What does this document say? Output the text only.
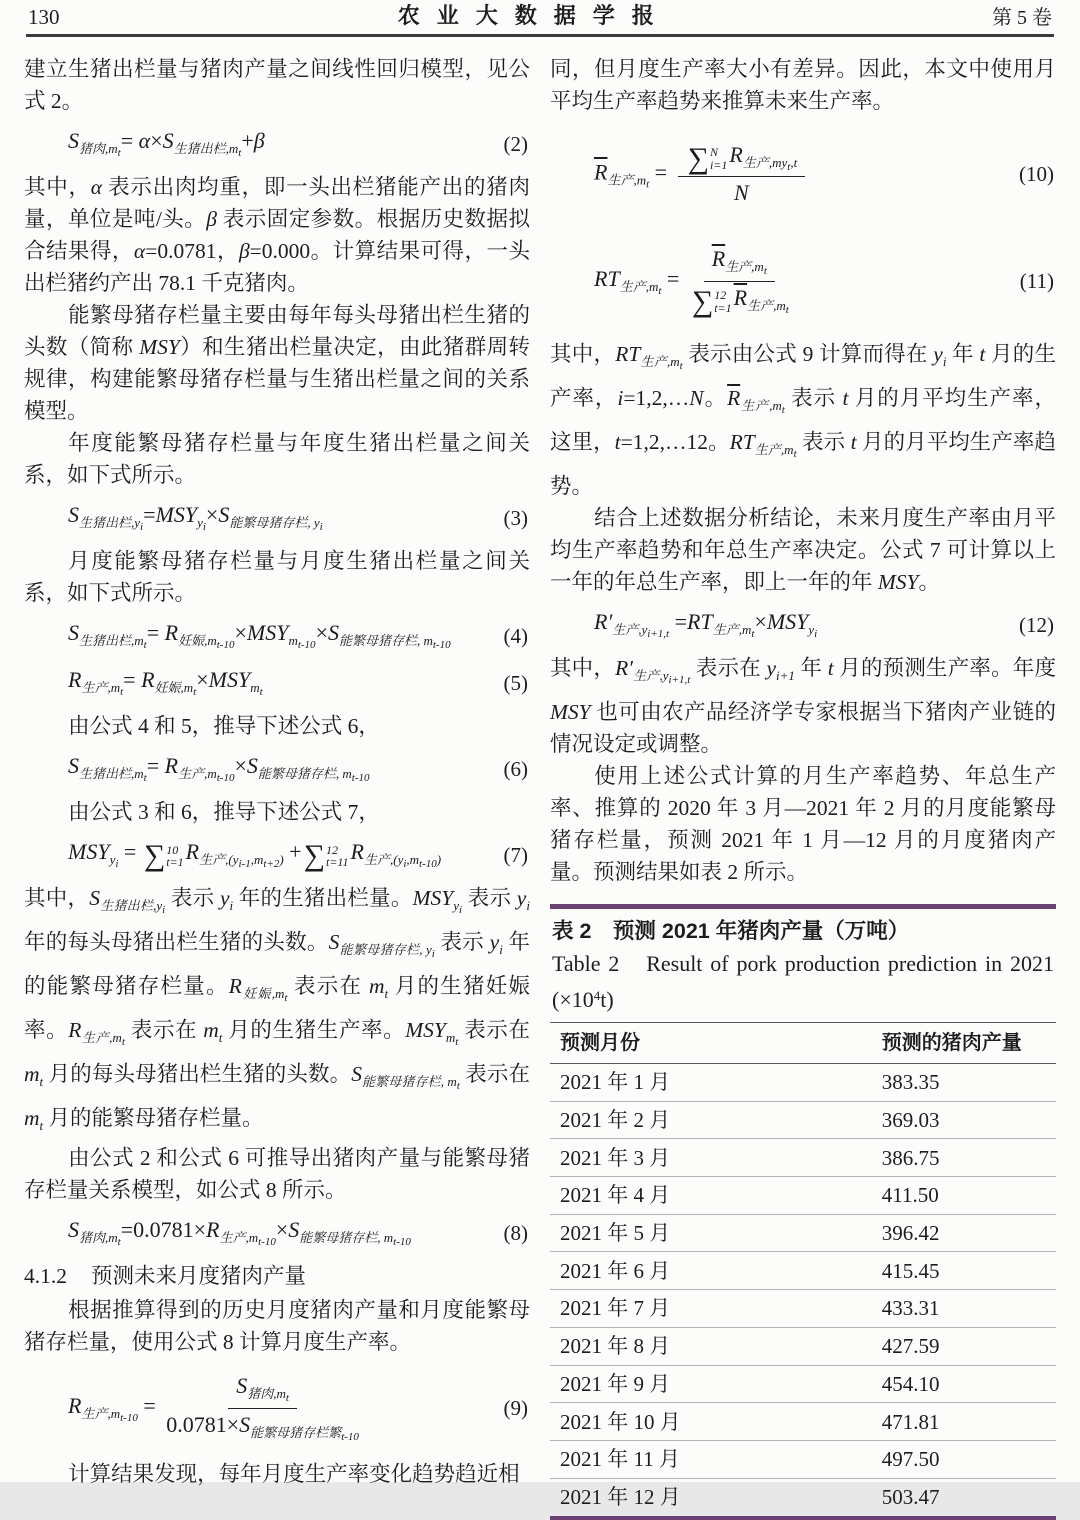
130	农业大数据学报	第 5 卷

建立生猪出栏量与猪肉产量之间线性回归模型，见公式 2。

$S_{猪肉,mt}= \alpha\times S_{生猪出栏,mt}+\beta$	(2)

其中，α 表示出肉均重，即一头出栏猪能产出的猪肉量，单位是吨/头。β 表示固定参数。根据历史数据拟合结果得，α=0.0781，β=0.000。计算结果可得，一头出栏猪约产出 78.1 千克猪肉。

能繁母猪存栏量主要由每年每头母猪出栏生猪的头数（简称 MSY）和生猪出栏量决定，由此猪群周转规律，构建能繁母猪存栏量与生猪出栏量之间的关系模型。

年度能繁母猪存栏量与年度生猪出栏量之间关系，如下式所示。

$S_{生猪出栏,yi}=MSY_{yi}\times S_{能繁母猪存栏, yi}$	(3)

月度能繁母猪存栏量与月度生猪出栏量之间关系，如下式所示。

$S_{生猪出栏,mt}= R_{妊娠,mt-10}\times MSY_{mt-10}\times S_{能繁母猪存栏, mt-10}$	(4)
$R_{生产,mt}= R_{妊娠,mt}\times MSY_{mt}$	(5)

由公式 4 和 5，推导下述公式 6，

$S_{生猪出栏,mt}= R_{生产,mt-10}\times S_{能繁母猪存栏, mt-10}$	(6)

由公式 3 和 6，推导下述公式 7，

$MSY_{yi}$ = ∑ 10
t=1 $R_{生产,(yi-1,mt+2)}$ + ∑ 12
t=11 $R_{生产,(yi,mt-10)}$	(7)

其中，$S_{生猪出栏,yi}$ 表示 $y_i$ 年的生猪出栏量。$MSY_{yi}$ 表示 $y_i$ 年的每头母猪出栏生猪的头数。$S_{能繁母猪存栏, yi}$ 表示 $y_i$ 年的能繁母猪存栏量。$R_{妊娠,mt}$ 表示在 $m_t$ 月的生猪妊娠率。$R_{生产,mt}$ 表示在 $m_t$ 月的生猪生产率。$MSY_{mt}$ 表示在 $m_t$ 月的每头母猪出栏生猪的头数。$S_{能繁母猪存栏, mt}$ 表示在 $m_t$ 月的能繁母猪存栏量。

由公式 2 和公式 6 可推导出猪肉产量与能繁母猪存栏量关系模型，如公式 8 所示。

$S_{猪肉,mt}=0.0781\times R_{生产,mt-10}\times S_{能繁母猪存栏, mt-10}$	(8)

4.1.2 预测未来月度猪肉产量

根据推算得到的历史月度猪肉产量和月度能繁母猪存栏量，使用公式 8 计算月度生产率。

$R_{生产,mt-10}$ =
$S_{猪肉,mt}$
$0.0781\times S_{能繁母猪存栏繁t-10}$
(9)

计算结果发现，每年月度生产率变化趋势趋近相

同，但月度生产率大小有差异。因此，本文中使用月平均生产率趋势来推算未来生产率。

$\overline{R}_{生产,mt}$ = ∑ N
i=1 $R_{生产,myt,t}$
N
(10)
$RT_{生产,mt}$ =
$\overline{R}_{生产,mt}$
∑ 12
t=1 $\overline{R}_{生产,mt}$
(11)

其中，$RT_{生产,mt}$ 表示由公式 9 计算而得在 $y_i$ 年 t 月的生产率，i=1,2,…N。$\overline{R}_{生产,mt}$ 表示 t 月的月平均生产率，这里，t=1,2,…12。$RT_{生产,mt}$ 表示 t 月的月平均生产率趋势。

结合上述数据分析结论，未来月度生产率由月平均生产率趋势和年总生产率决定。公式 7 可计算以上一年的年总生产率，即上一年的年 MSY。

$R'_{生产,yi+1,t} =RT_{生产,mt}\times MSY_{yi}$	(12)

其中，$R'_{生产,yi+1,t}$ 表示在 $y_{i+1}$ 年 t 月的预测生产率。年度 MSY 也可由农产品经济学专家根据当下猪肉产业链的情况设定或调整。

使用上述公式计算的月生产率趋势、年总生产率、推算的 2020 年 3 月—2021 年 2 月的月度能繁母猪存栏量，预测 2021 年 1 月—12 月的月度猪肉产量。预测结果如表 2 所示。

表 2　预测 2021 年猪肉产量（万吨）
Table 2　Result of pork production prediction in 2021 $(\times 10^4t)$
预测月份	预测的猪肉产量
2021 年 1 月	383.35
2021 年 2 月	369.03
2021 年 3 月	386.75
2021 年 4 月	411.50
2021 年 5 月	396.42
2021 年 6 月	415.45
2021 年 7 月	433.31
2021 年 8 月	427.59
2021 年 9 月	454.10
2021 年 10 月	471.81
2021 年 11 月	497.50
2021 年 12 月	503.47
